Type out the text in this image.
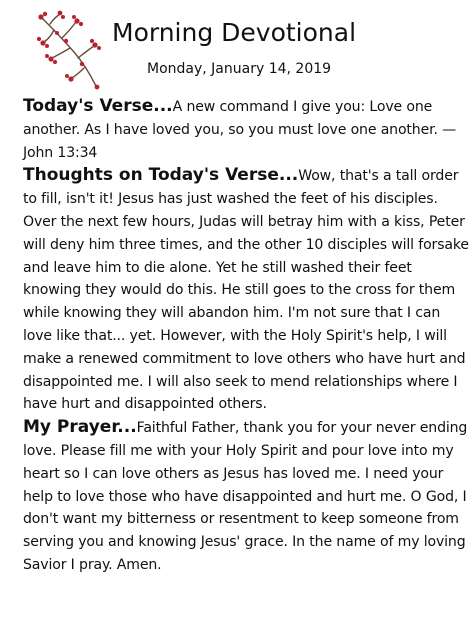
Morning Devotional
Monday, January 14, 2019

Today's Verse...A new command I give you: Love one another. As I have loved you, so you must love one another. — John 13:34

Thoughts on Today's Verse...Wow, that's a tall order to fill, isn't it! Jesus has just washed the feet of his disciples. Over the next few hours, Judas will betray him with a kiss, Peter will deny him three times, and the other 10 disciples will forsake and leave him to die alone. Yet he still washed their feet knowing they would do this. He still goes to the cross for them while knowing they will abandon him. I'm not sure that I can love like that... yet. However, with the Holy Spirit's help, I will make a renewed commitment to love others who have hurt and disappointed me. I will also seek to mend relationships where I have hurt and disappointed others.

My Prayer...Faithful Father, thank you for your never ending love. Please fill me with your Holy Spirit and pour love into my heart so I can love others as Jesus has loved me. I need your help to love those who have disappointed and hurt me. O God, I don't want my bitterness or resentment to keep someone from serving you and knowing Jesus' grace. In the name of my loving Savior I pray. Amen.
